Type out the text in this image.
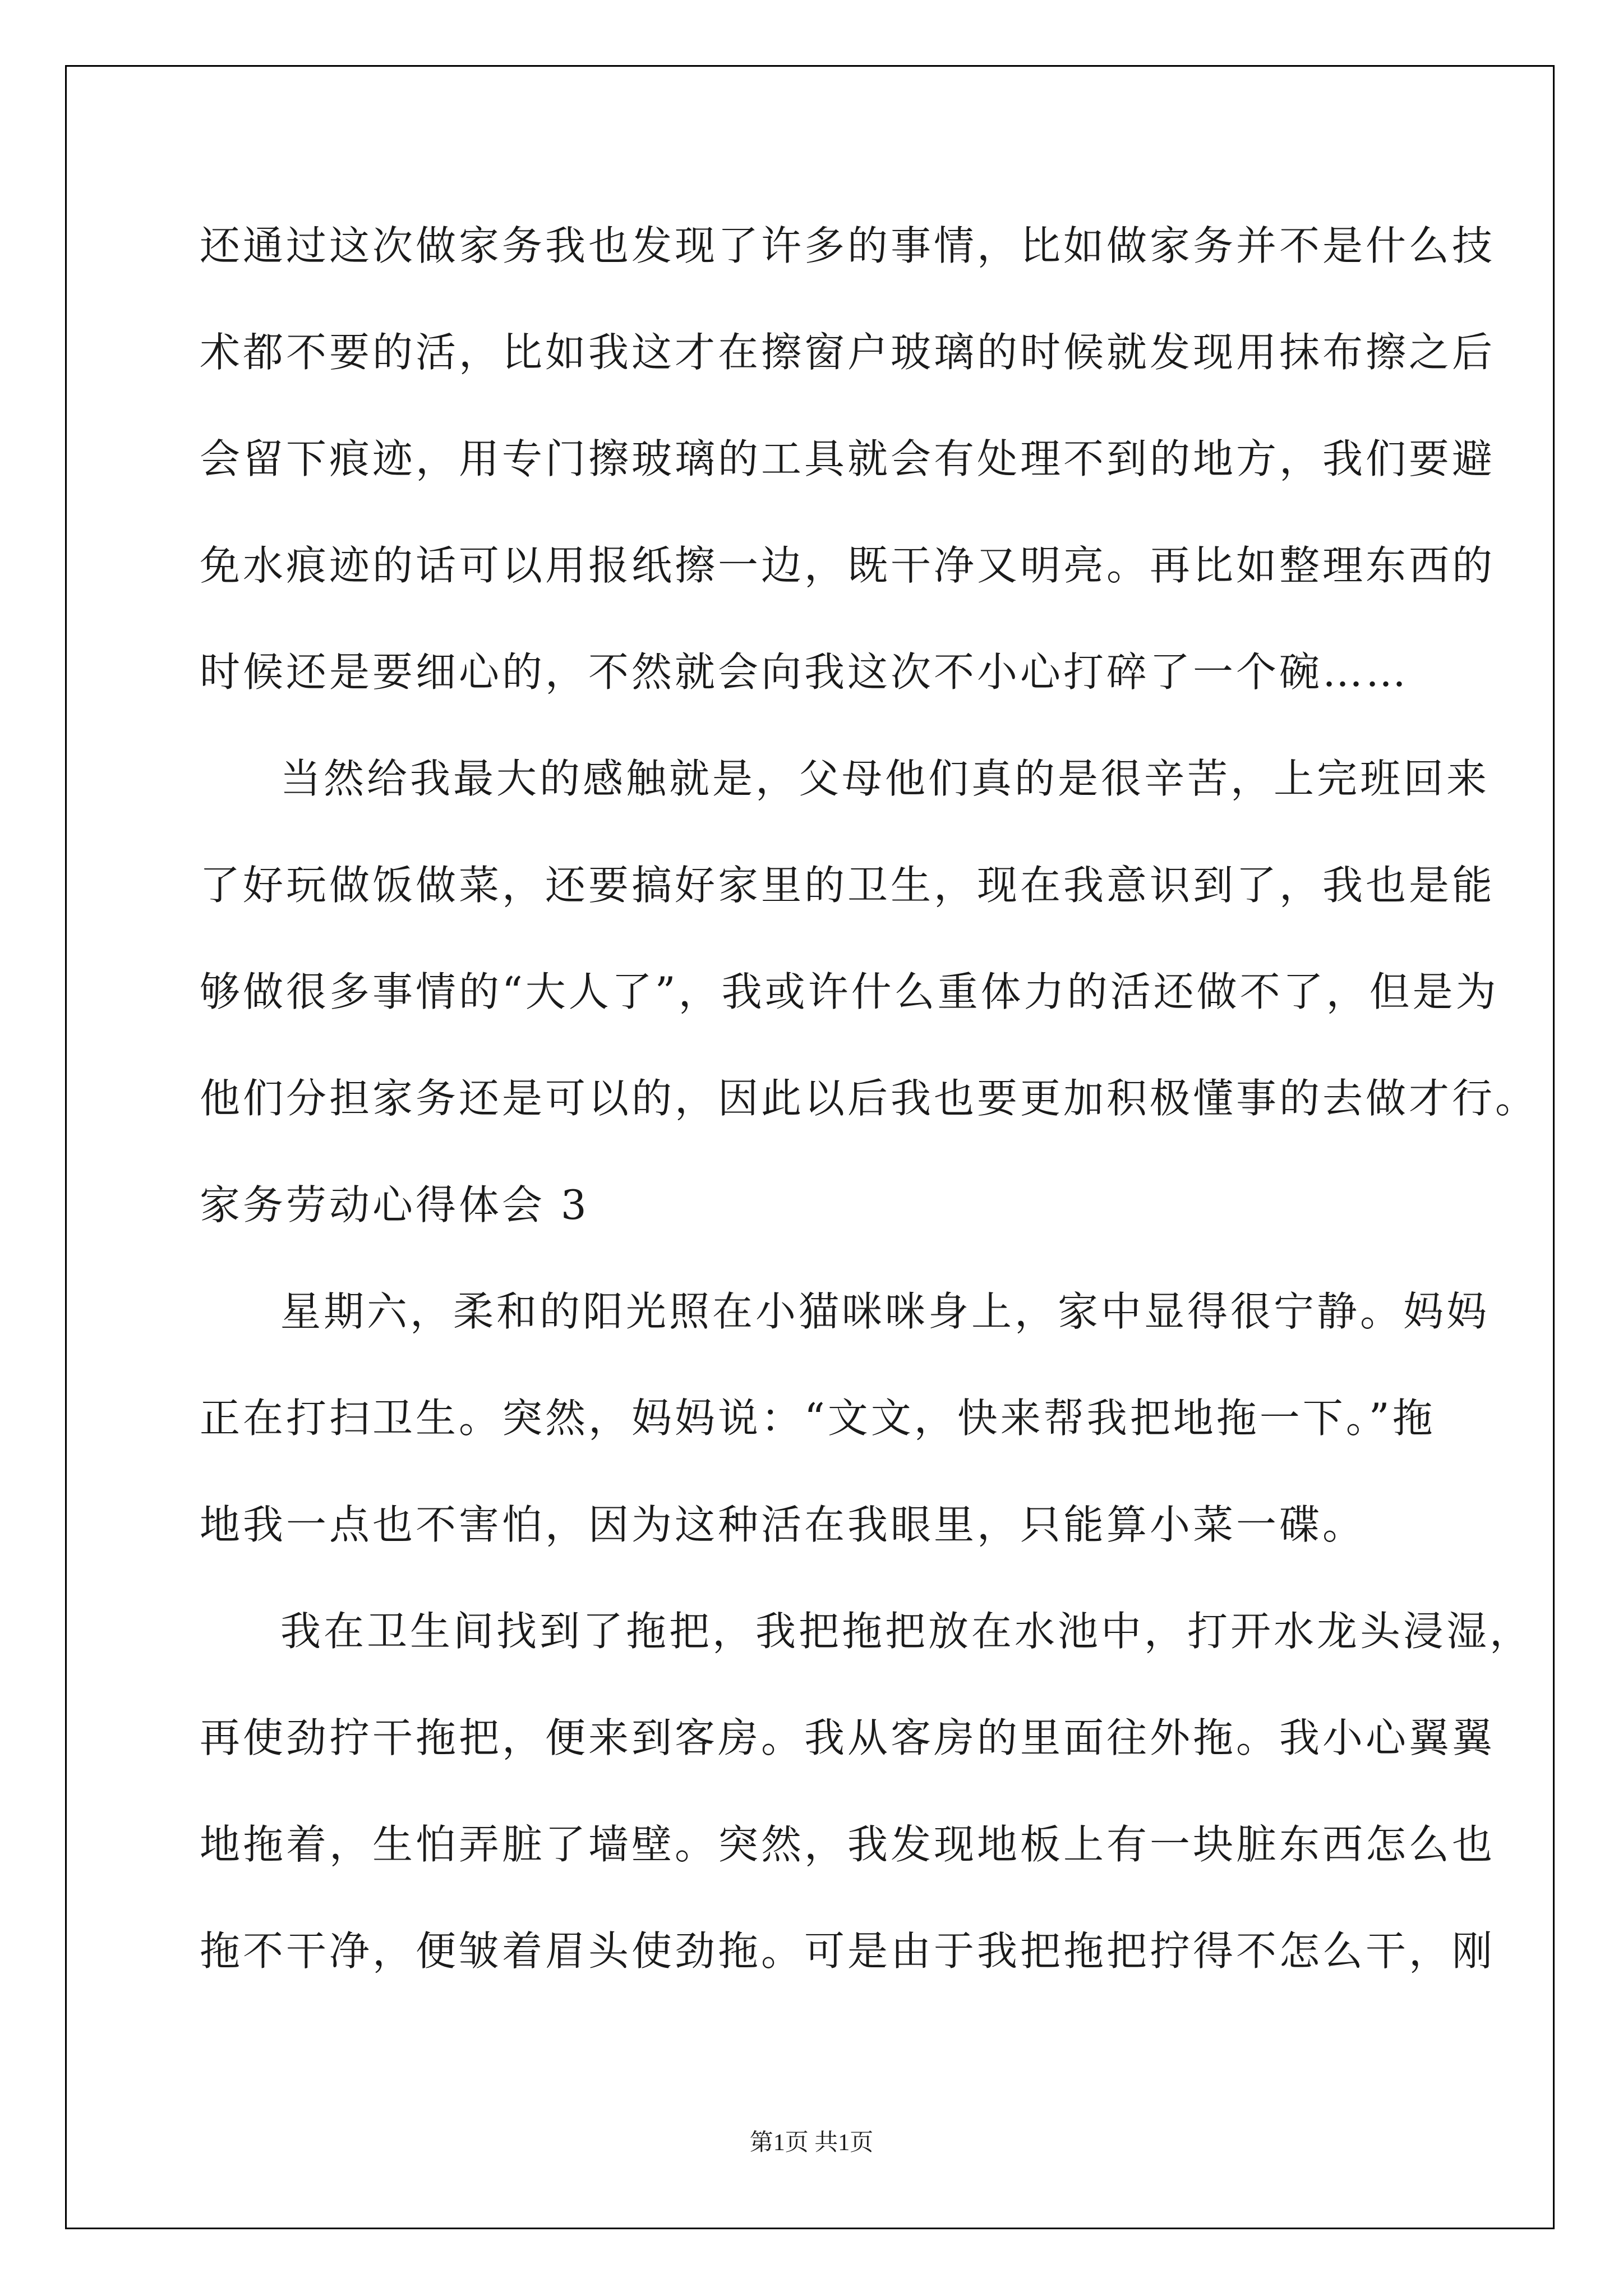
还通过这次做家务我也发现了许多的事情，比如做家务并不是什么技
术都不要的活，比如我这才在擦窗户玻璃的时候就发现用抹布擦之后
会留下痕迹，用专门擦玻璃的工具就会有处理不到的地方，我们要避
免水痕迹的话可以用报纸擦一边，既干净又明亮。再比如整理东西的
时候还是要细心的，不然就会向我这次不小心打碎了一个碗……
当然给我最大的感触就是，父母他们真的是很辛苦，上完班回来
了好玩做饭做菜，还要搞好家里的卫生，现在我意识到了，我也是能
够做很多事情的“大人了”，我或许什么重体力的活还做不了，但是为
他们分担家务还是可以的，因此以后我也要更加积极懂事的去做才行。
家务劳动心得体会 3
星期六，柔和的阳光照在小猫咪咪身上，家中显得很宁静。妈妈
正在打扫卫生。突然，妈妈说：“文文，快来帮我把地拖一下。”拖
地我一点也不害怕，因为这种活在我眼里，只能算小菜一碟。
我在卫生间找到了拖把，我把拖把放在水池中，打开水龙头浸湿，
再使劲拧干拖把，便来到客房。我从客房的里面往外拖。我小心翼翼
地拖着，生怕弄脏了墙壁。突然，我发现地板上有一块脏东西怎么也
拖不干净，便皱着眉头使劲拖。可是由于我把拖把拧得不怎么干，刚
第1页 共1页
